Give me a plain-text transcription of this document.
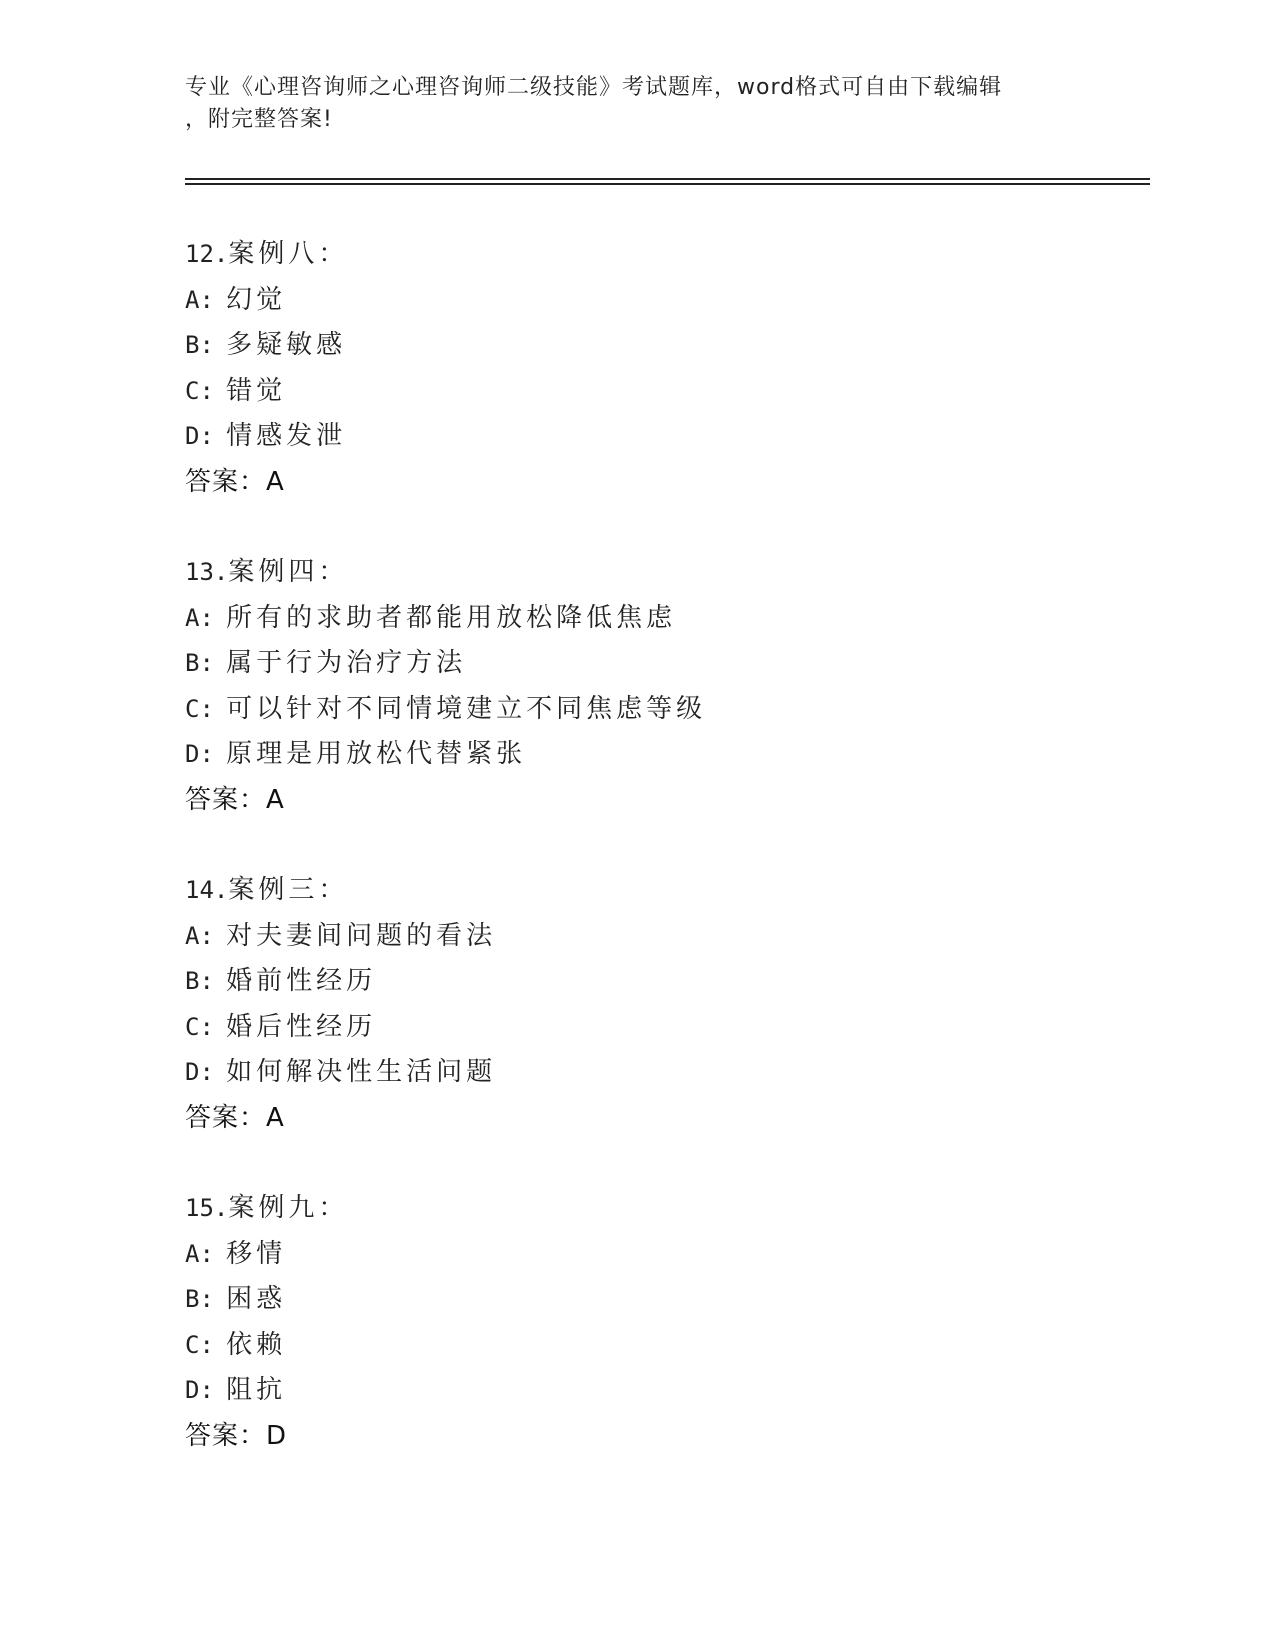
专业《心理咨询师之心理咨询师二级技能》考试题库，word格式可自由下载编辑
，附完整答案!
12.案例八：
A: 幻觉
B: 多疑敏感
C: 错觉
D: 情感发泄
答案：A
13.案例四：
A: 所有的求助者都能用放松降低焦虑
B: 属于行为治疗方法
C: 可以针对不同情境建立不同焦虑等级
D: 原理是用放松代替紧张
答案：A
14.案例三：
A: 对夫妻间问题的看法
B: 婚前性经历
C: 婚后性经历
D: 如何解决性生活问题
答案：A
15.案例九：
A: 移情
B: 困惑
C: 依赖
D: 阻抗
答案：D
